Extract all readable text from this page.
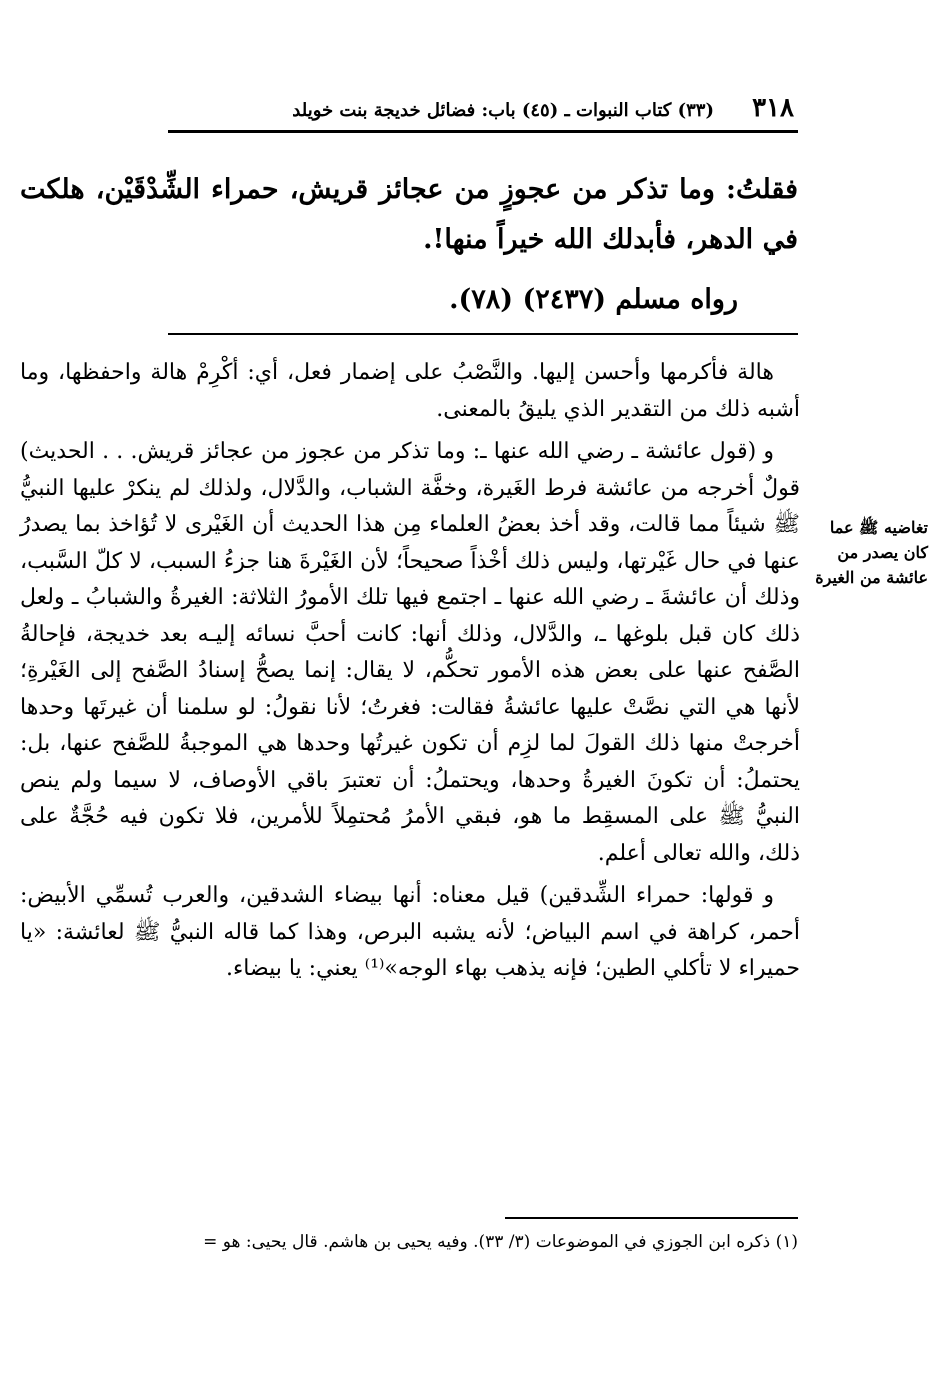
٣١٨
(٣٣) كتاب النبوات ـ (٤٥) باب: فضائل خديجة بنت خويلد

فقلتُ: وما تذكر من عجوزٍ من عجائز قريش، حمراء الشِّدْقَيْن، هلكت في الدهر، فأبدلك الله خيراً منها!.

رواه مسلم (٢٤٣٧) (٧٨).

تغاضيه ﷺ عما كان يصدر من عائشة من الغيرة

هالة فأكرمها وأحسن إليها. والنَّصْبُ على إضمار فعل، أي: أكْرِمْ هالة واحفظها، وما أشبه ذلك من التقدير الذي يليقُ بالمعنى.

و (قول عائشة ـ رضي الله عنها ـ: وما تذكر من عجوز من عجائز قريش. . . الحديث) قولٌ أخرجه من عائشة فرط الغَيرة، وخفَّة الشباب، والدَّلال، ولذلك لم ينكرْ عليها النبيُّ ﷺ شيئاً مما قالت، وقد أخذ بعضُ العلماء مِن هذا الحديث أن الغَيْرى لا تُؤاخذ بما يصدرُ عنها في حال غَيْرتها، وليس ذلك أخْذاً صحيحاً؛ لأن الغَيْرةَ هنا جزءُ السبب، لا كلّ السَّبب، وذلك أن عائشةَ ـ رضي الله عنها ـ اجتمع فيها تلك الأمورُ الثلاثة: الغيرةُ والشبابُ ـ ولعل ذلك كان قبل بلوغها ـ، والدَّلال، وذلك أنها: كانت أحبَّ نسائه إليـه بعد خديجة، فإحالةُ الصَّفح عنها على بعض هذه الأمور تحكُّم، لا يقال: إنما يصحُّ إسنادُ الصَّفح إلى الغَيْرةِ؛ لأنها هي التي نصَّتْ عليها عائشةُ فقالت: فغرتُ؛ لأنا نقولُ: لو سلمنا أن غيرتَها وحدها أخرجتْ منها ذلك القولَ لما لزِم أن تكون غيرتُها وحدها هي الموجبةُ للصَّفح عنها، بل: يحتملُ: أن تكونَ الغيرةُ وحدها، ويحتملُ: أن تعتبرَ باقي الأوصاف، لا سيما ولم ينص النبيُّ ﷺ على المسقِط ما هو، فبقي الأمرُ مُحتمِلاً للأمرين، فلا تكون فيه حُجَّةٌ على ذلك، والله تعالى أعلم.

و قولها: حمراء الشِّدقين) قيل معناه: أنها بيضاء الشدقين، والعرب تُسمِّي الأبيض: أحمر، كراهة في اسم البياض؛ لأنه يشبه البرص، وهذا كما قاله النبيُّ ﷺ لعائشة: «يا حميراء لا تأكلي الطين؛ فإنه يذهب بهاء الوجه»⁽¹⁾ يعني: يا بيضاء.

(١) ذكره ابن الجوزي في الموضوعات (٣/ ٣٣). وفيه يحيى بن هاشم. قال يحيى: هو =
